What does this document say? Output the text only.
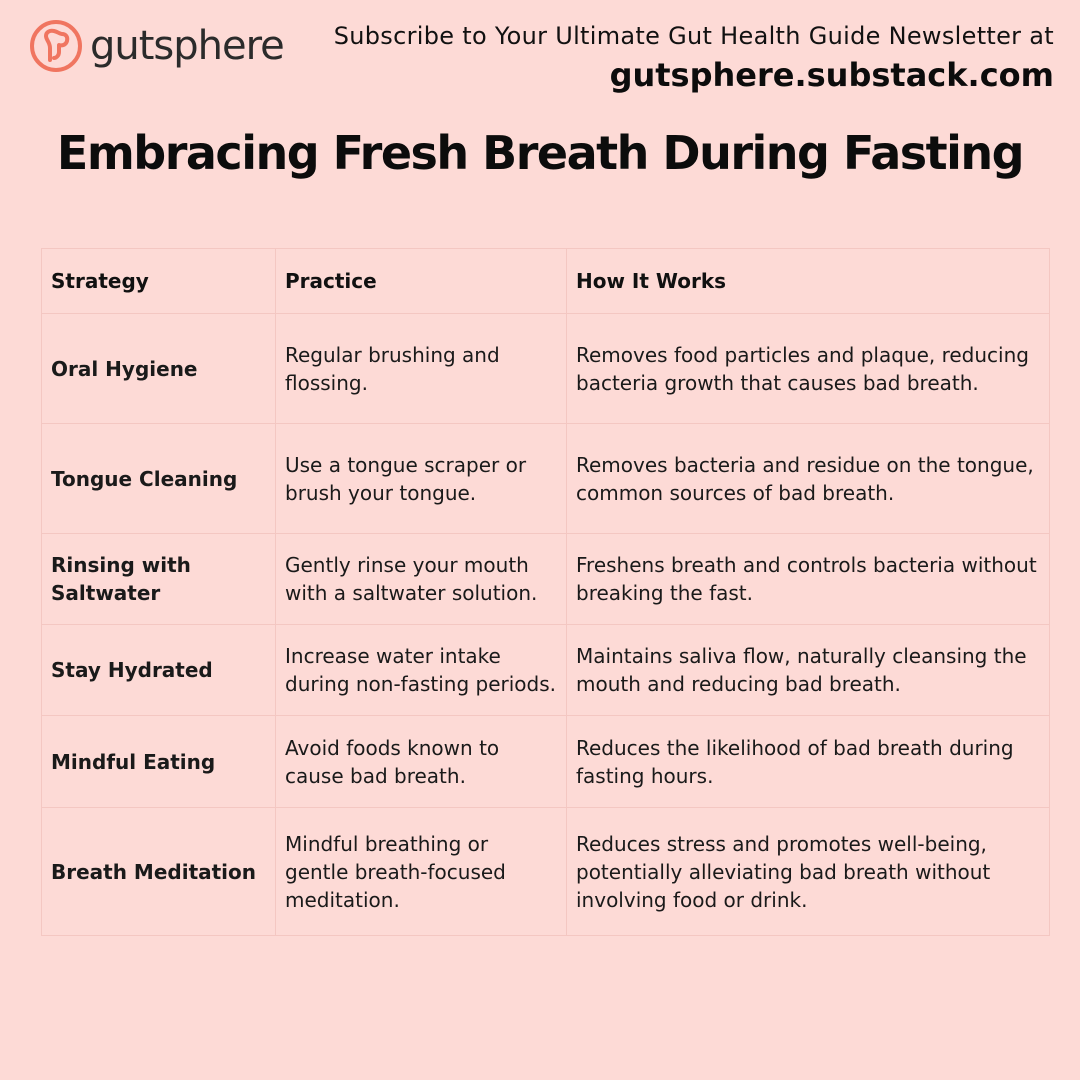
gutsphere Subscribe to Your Ultimate Gut Health Guide Newsletter at
gutsphere.substack.com
Embracing Fresh Breath During Fasting
Strategy	Practice	How It Works
Oral Hygiene	Regular brushing and flossing.	Removes food particles and plaque, reducing bacteria growth that causes bad breath.
Tongue Cleaning	Use a tongue scraper or brush your tongue.	Removes bacteria and residue on the tongue, common sources of bad breath.
Rinsing with Saltwater	Gently rinse your mouth with a saltwater solution.	Freshens breath and controls bacteria without breaking the fast.
Stay Hydrated	Increase water intake during non-fasting periods.	Maintains saliva flow, naturally cleansing the mouth and reducing bad breath.
Mindful Eating	Avoid foods known to cause bad breath.	Reduces the likelihood of bad breath during fasting hours.
Breath Meditation	Mindful breathing or gentle breath-focused meditation.	Reduces stress and promotes well-being, potentially alleviating bad breath without involving food or drink.
